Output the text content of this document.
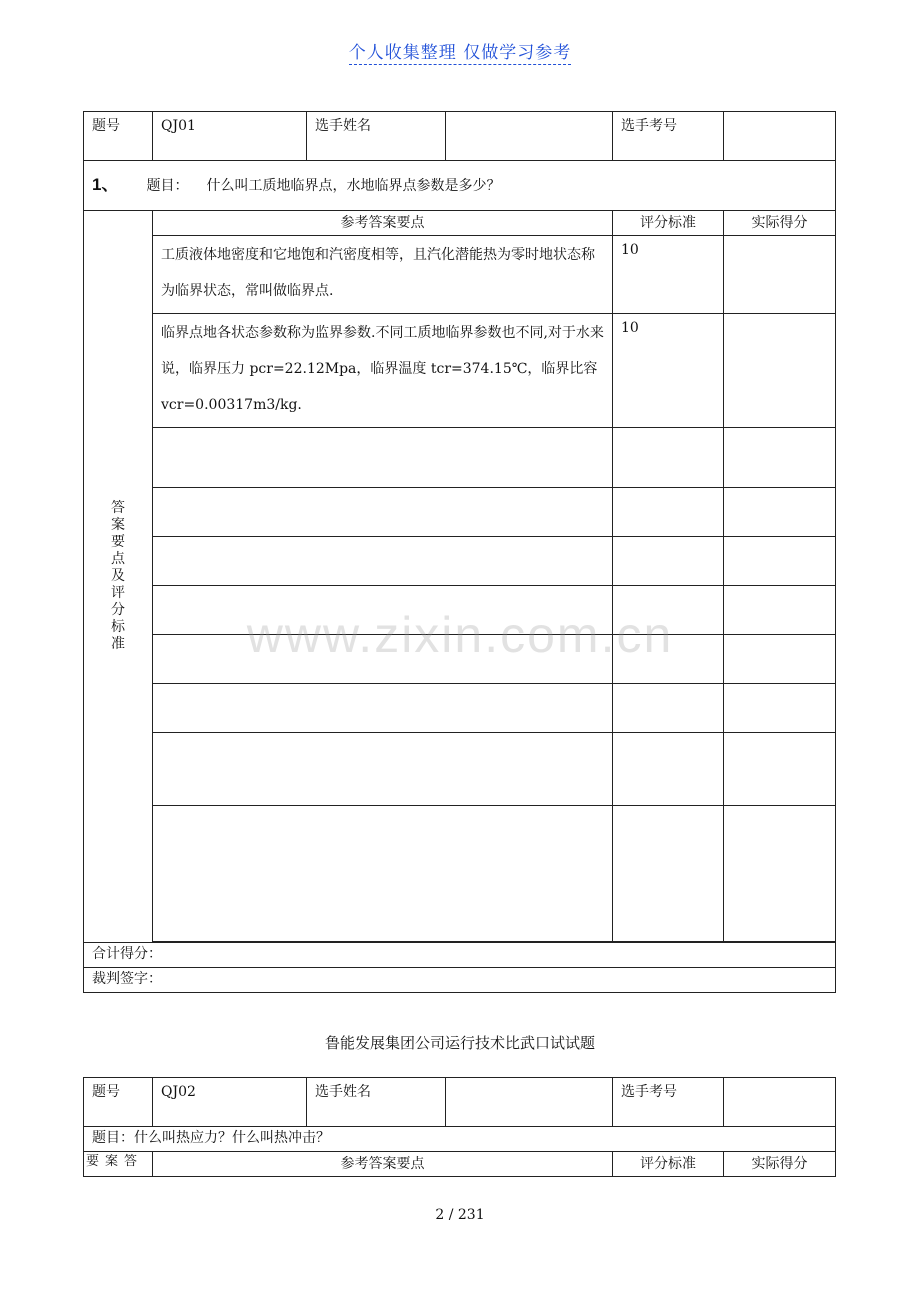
个人收集整理 仅做学习参考
题号	QJ01	选手姓名		选手考号	
1、 题目： 什么叫工质地临界点，水地临界点参数是多少？					
答案要点及评分标准	参考答案要点			评分标准	实际得分
	工质液体地密度和它地饱和汽密度相等，且汽化潜能热为零时地状态称为临界状态，常叫做临界点.			10	
	临界点地各状态参数称为监界参数.不同工质地临界参数也不同,对于水来说，临界压力 pcr=22.12Mpa，临界温度 tcr=374.15℃，临界比容 vcr=0.00317m3/kg.			10	

合计得分：					
裁判签字：					
www.zixin.com.cn
鲁能发展集团公司运行技术比武口试试题
题号	QJ02	选手姓名		选手考号	
题目：什么叫热应力？什么叫热冲击？					
要案答	参考答案要点			评分标准	实际得分
2 / 231
